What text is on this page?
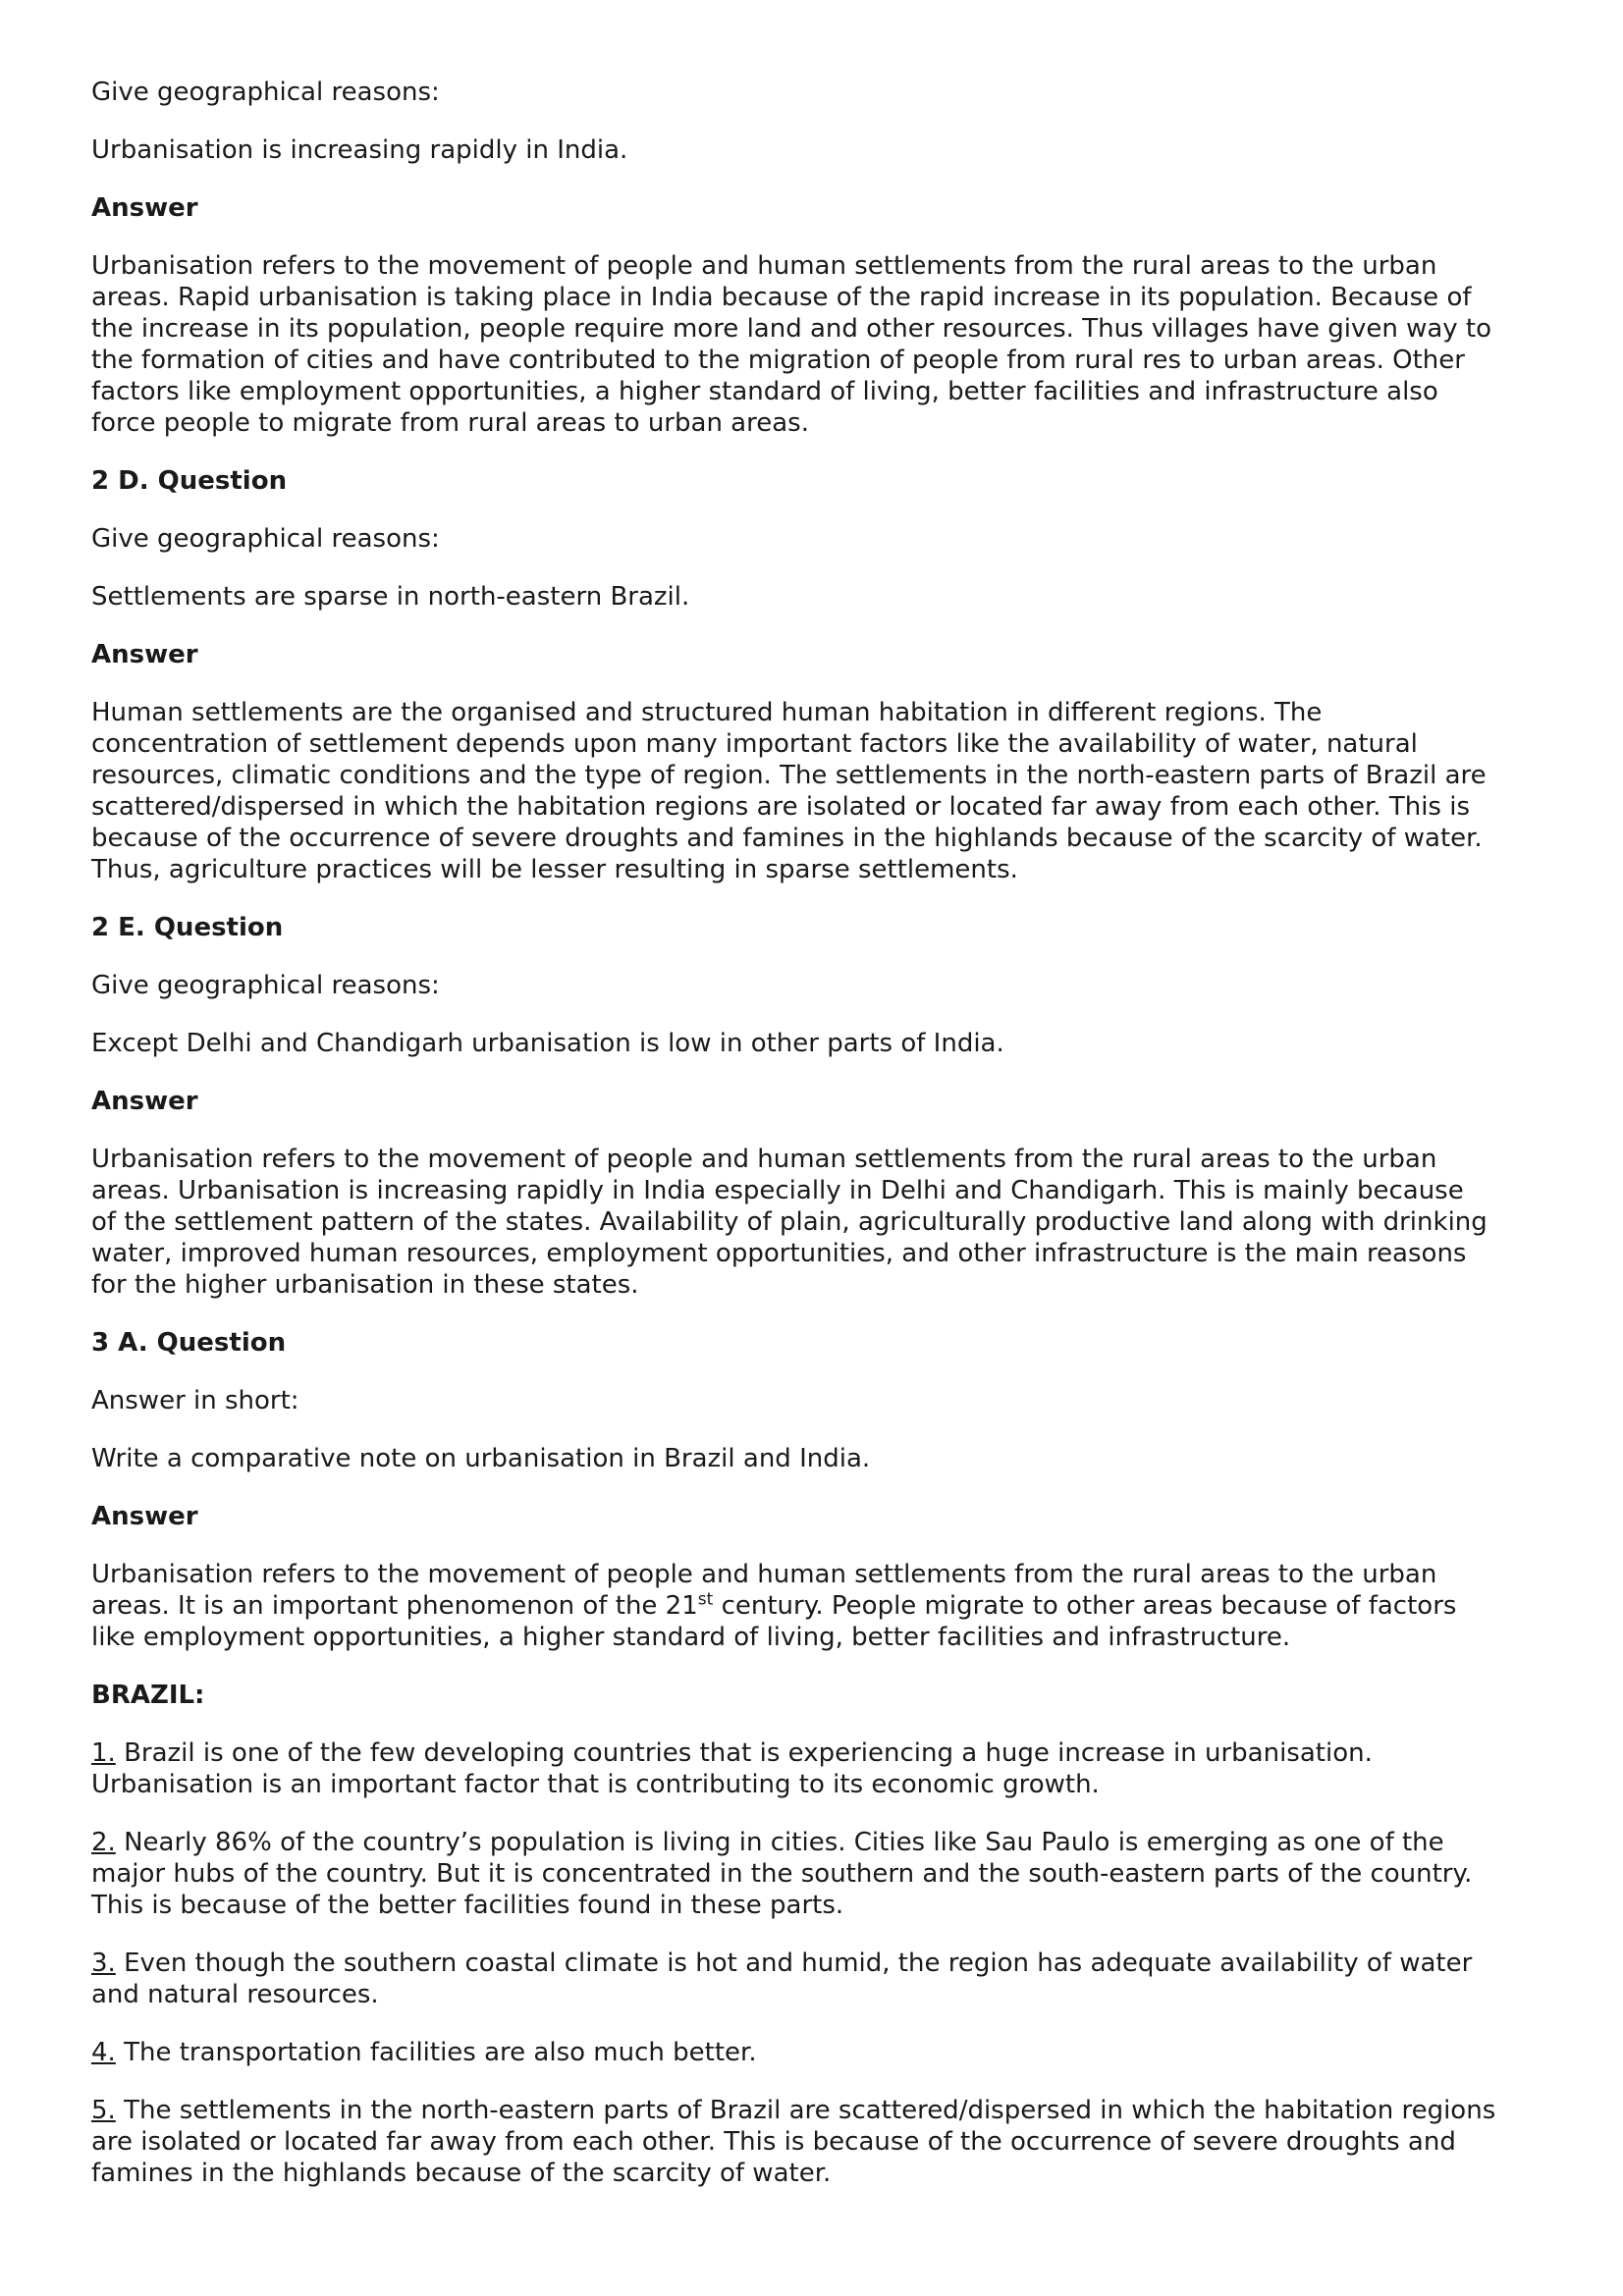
Give geographical reasons:
Urbanisation is increasing rapidly in India.
Answer
Urbanisation refers to the movement of people and human settlements from the rural areas to the urban
areas. Rapid urbanisation is taking place in India because of the rapid increase in its population. Because of
the increase in its population, people require more land and other resources. Thus villages have given way to
the formation of cities and have contributed to the migration of people from rural res to urban areas. Other
factors like employment opportunities, a higher standard of living, better facilities and infrastructure also
force people to migrate from rural areas to urban areas.
2 D. Question
Give geographical reasons:
Settlements are sparse in north-eastern Brazil.
Answer
Human settlements are the organised and structured human habitation in different regions. The
concentration of settlement depends upon many important factors like the availability of water, natural
resources, climatic conditions and the type of region. The settlements in the north-eastern parts of Brazil are
scattered/dispersed in which the habitation regions are isolated or located far away from each other. This is
because of the occurrence of severe droughts and famines in the highlands because of the scarcity of water.
Thus, agriculture practices will be lesser resulting in sparse settlements.
2 E. Question
Give geographical reasons:
Except Delhi and Chandigarh urbanisation is low in other parts of India.
Answer
Urbanisation refers to the movement of people and human settlements from the rural areas to the urban
areas. Urbanisation is increasing rapidly in India especially in Delhi and Chandigarh. This is mainly because
of the settlement pattern of the states. Availability of plain, agriculturally productive land along with drinking
water, improved human resources, employment opportunities, and other infrastructure is the main reasons
for the higher urbanisation in these states.
3 A. Question
Answer in short:
Write a comparative note on urbanisation in Brazil and India.
Answer
Urbanisation refers to the movement of people and human settlements from the rural areas to the urban
areas. It is an important phenomenon of the 21st century. People migrate to other areas because of factors
like employment opportunities, a higher standard of living, better facilities and infrastructure.
BRAZIL:
1. Brazil is one of the few developing countries that is experiencing a huge increase in urbanisation.
Urbanisation is an important factor that is contributing to its economic growth.
2. Nearly 86% of the country’s population is living in cities. Cities like Sau Paulo is emerging as one of the
major hubs of the country. But it is concentrated in the southern and the south-eastern parts of the country.
This is because of the better facilities found in these parts.
3. Even though the southern coastal climate is hot and humid, the region has adequate availability of water
and natural resources.
4. The transportation facilities are also much better.
5. The settlements in the north-eastern parts of Brazil are scattered/dispersed in which the habitation regions
are isolated or located far away from each other. This is because of the occurrence of severe droughts and
famines in the highlands because of the scarcity of water.
